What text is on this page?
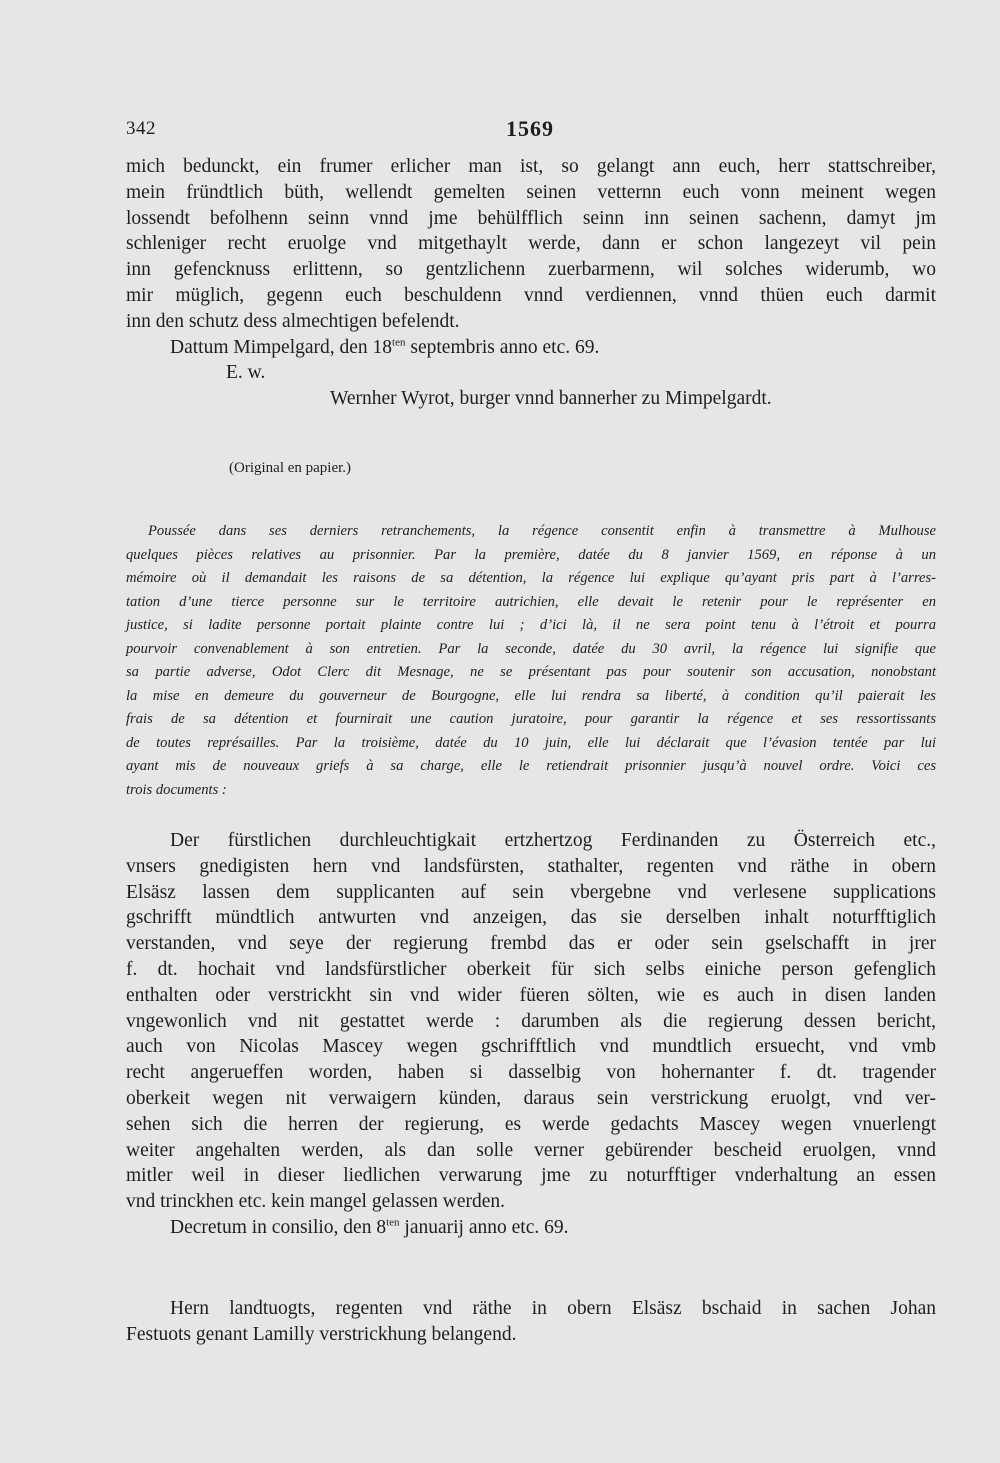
342	1569
mich bedunckt, ein frumer erlicher man ist, so gelangt ann euch, herr stattschreiber,
mein fründtlich büth, wellendt gemelten seinen vetternn euch vonn meinent wegen
lossendt befolhenn seinn vnnd jme behülfflich seinn inn seinen sachenn, damyt jm
schleniger recht eruolge vnd mitgethaylt werde, dann er schon langezeyt vil pein
inn gefencknuss erlittenn, so gentzlichenn zuerbarmenn, wil solches widerumb, wo
mir müglich, gegenn euch beschuldenn vnnd verdiennen, vnnd thüen euch darmit
inn den schutz dess almechtigen befelendt.
Dattum Mimpelgard, den $18^{ten}$ septembris anno etc. 69.
E. w.
Wernher Wyrot, burger vnnd bannerher zu Mimpelgardt.
(Original en papier.)
Poussée dans ses derniers retranchements, la régence consentit enfin à transmettre à Mulhouse
quelques pièces relatives au prisonnier. Par la première, datée du 8 janvier 1569, en réponse à un
mémoire où il demandait les raisons de sa détention, la régence lui explique qu’ayant pris part à l’arres-
tation d’une tierce personne sur le territoire autrichien, elle devait le retenir pour le représenter en
justice, si ladite personne portait plainte contre lui ; d’ici là, il ne sera point tenu à l’étroit et pourra
pourvoir convenablement à son entretien. Par la seconde, datée du 30 avril, la régence lui signifie que
sa partie adverse, Odot Clerc dit Mesnage, ne se présentant pas pour soutenir son accusation, nonobstant
la mise en demeure du gouverneur de Bourgogne, elle lui rendra sa liberté, à condition qu’il paierait les
frais de sa détention et fournirait une caution juratoire, pour garantir la régence et ses ressortissants
de toutes représailles. Par la troisième, datée du 10 juin, elle lui déclarait que l’évasion tentée par lui
ayant mis de nouveaux griefs à sa charge, elle le retiendrait prisonnier jusqu’à nouvel ordre. Voici ces
trois documents :
Der fürstlichen durchleuchtigkait ertzhertzog Ferdinanden zu Österreich etc.,
vnsers gnedigisten hern vnd landsfürsten, stathalter, regenten vnd räthe in obern
Elsäsz lassen dem supplicanten auf sein vbergebne vnd verlesene supplications
gschrifft mündtlich antwurten vnd anzeigen, das sie derselben inhalt noturfftiglich
verstanden, vnd seye der regierung frembd das er oder sein gselschafft in jrer
f. dt. hochait vnd landsfürstlicher oberkeit für sich selbs einiche person gefenglich
enthalten oder verstrickht sin vnd wider füeren sölten, wie es auch in disen landen
vngewonlich vnd nit gestattet werde : darumben als die regierung dessen bericht,
auch von Nicolas Mascey wegen gschrifftlich vnd mundtlich ersuecht, vnd vmb
recht angerueffen worden, haben si dasselbig von hohernanter f. dt. tragender
oberkeit wegen nit verwaigern künden, daraus sein verstrickung eruolgt, vnd ver-
sehen sich die herren der regierung, es werde gedachts Mascey wegen vnuerlengt
weiter angehalten werden, als dan solle verner gebürender bescheid eruolgen, vnnd
mitler weil in dieser liedlichen verwarung jme zu noturfftiger vnderhaltung an essen
vnd trinckhen etc. kein mangel gelassen werden.
Decretum in consilio, den $8^{ten}$ januarij anno etc. 69.
Hern landtuogts, regenten vnd räthe in obern Elsäsz bschaid in sachen Johan
Festuots genant Lamilly verstrickhung belangend.
